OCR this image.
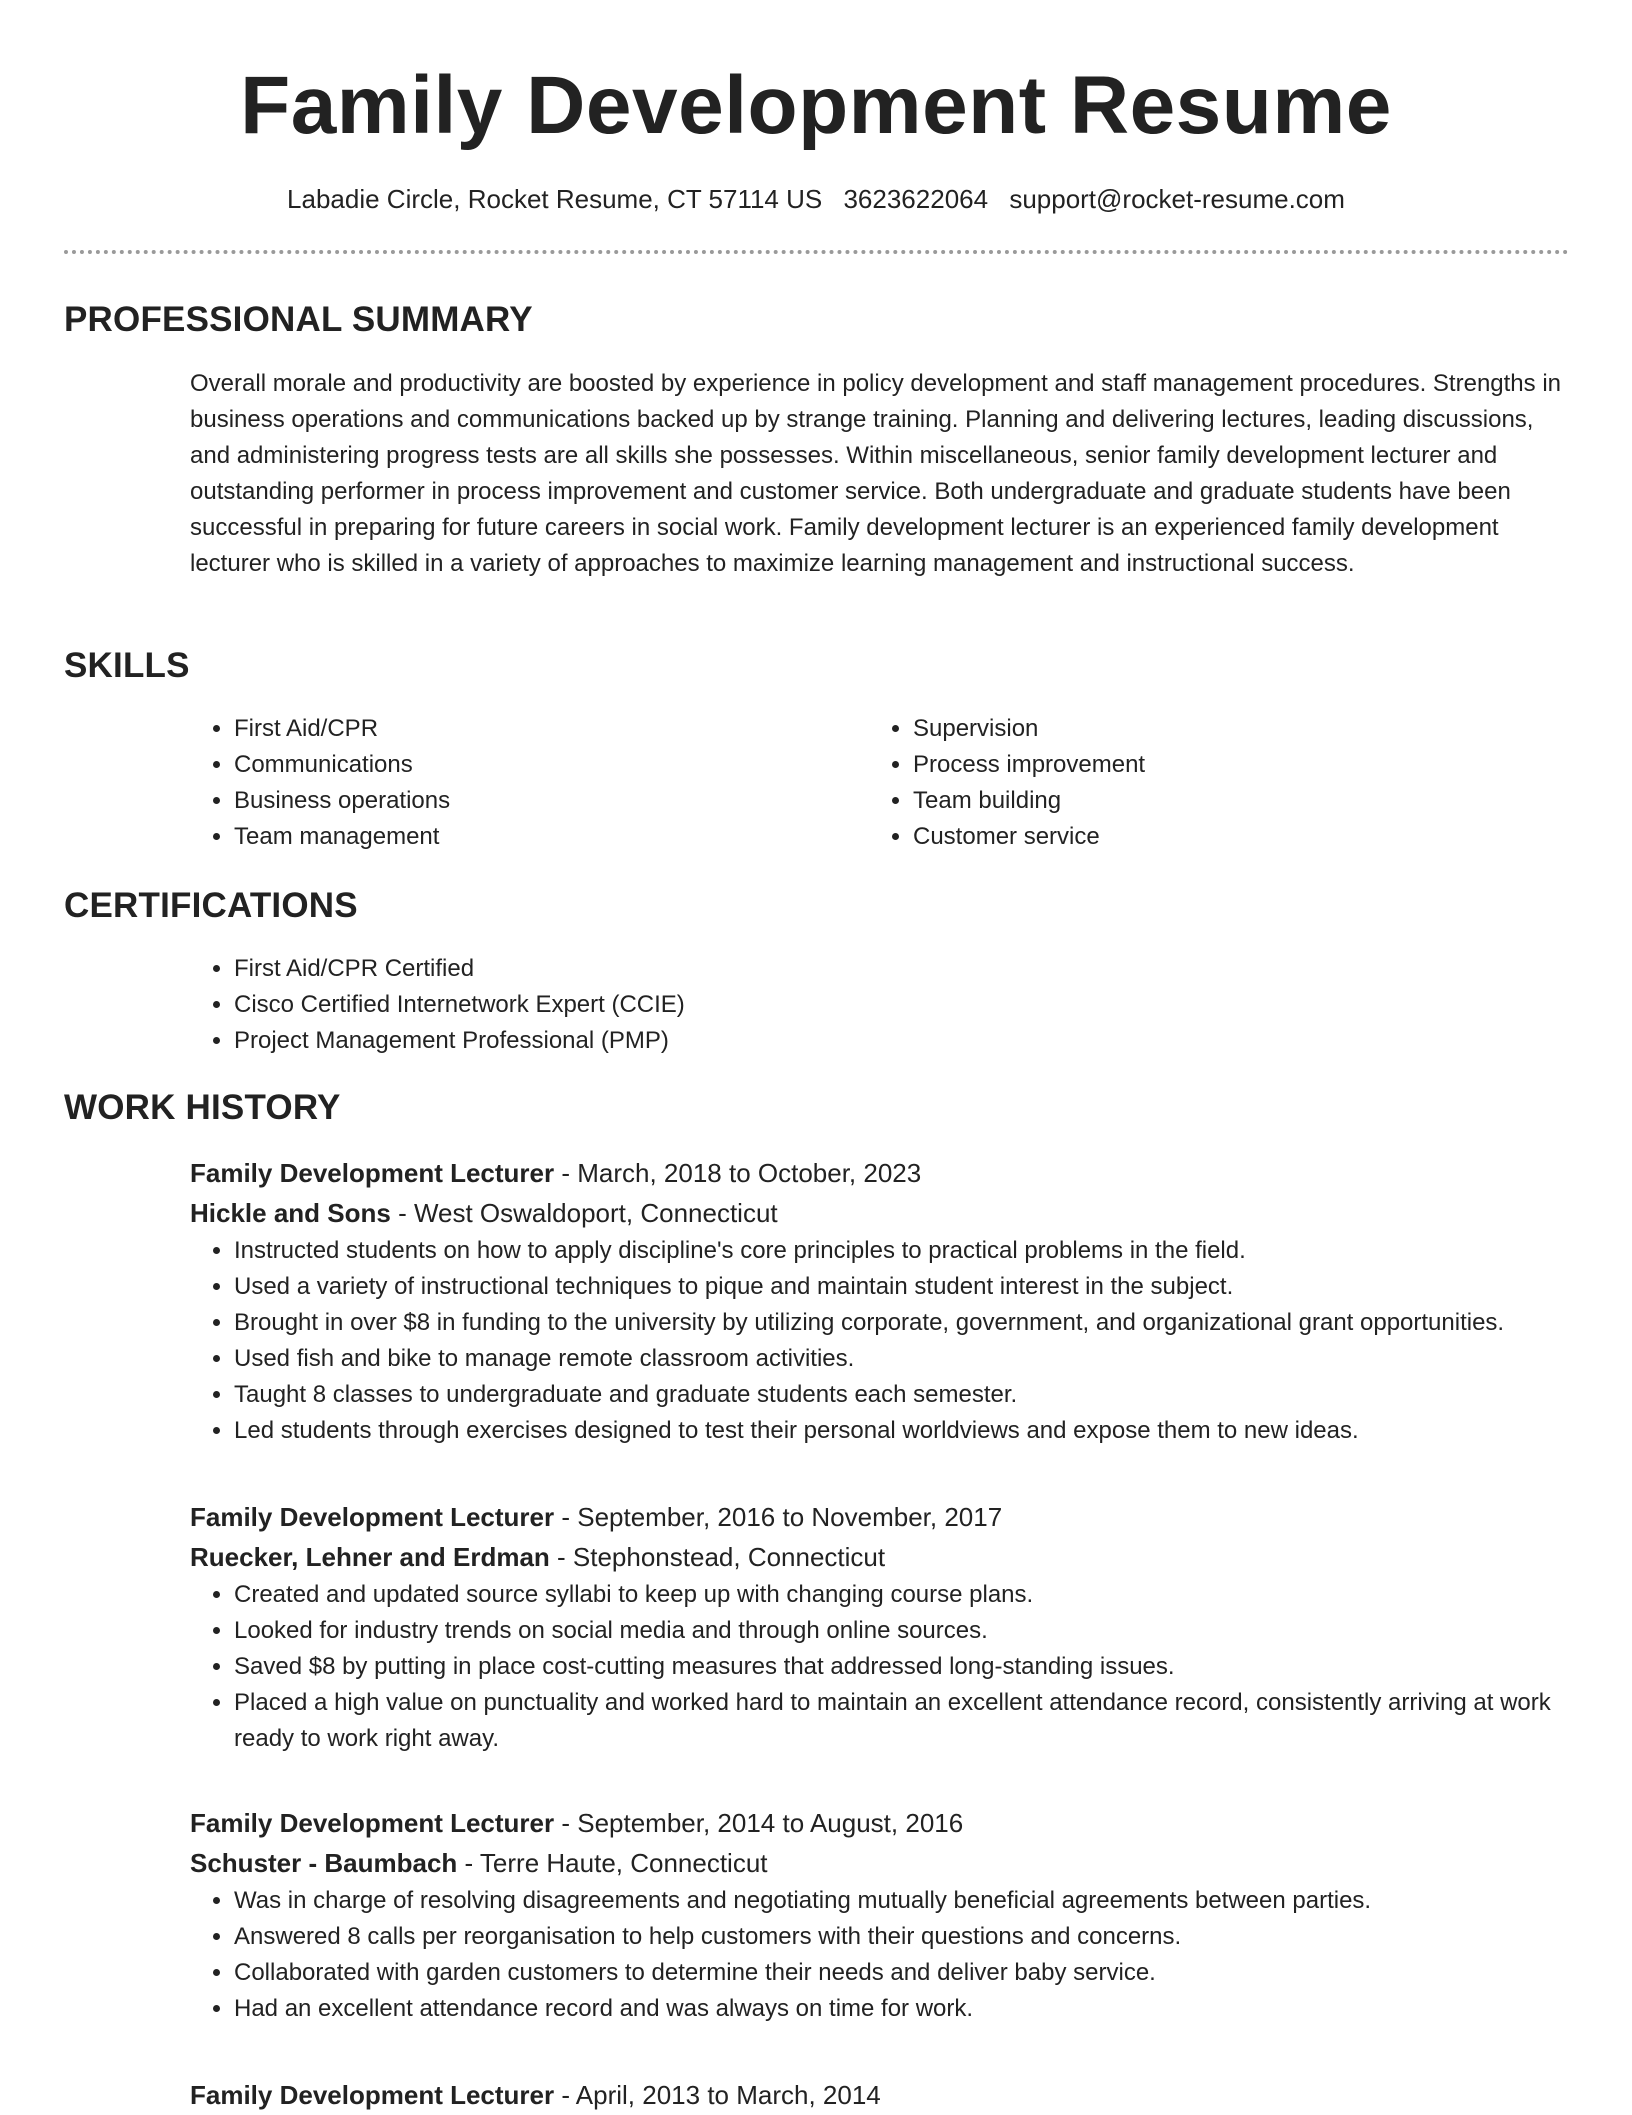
Family Development Resume
Labadie Circle, Rocket Resume, CT 57114 US 3623622064 support@rocket-resume.com
PROFESSIONAL SUMMARY

Overall morale and productivity are boosted by experience in policy development and staff management procedures. Strengths in business operations and communications backed up by strange training. Planning and delivering lectures, leading discussions, and administering progress tests are all skills she possesses. Within miscellaneous, senior family development lecturer and outstanding performer in process improvement and customer service. Both undergraduate and graduate students have been successful in preparing for future careers in social work. Family development lecturer is an experienced family development lecturer who is skilled in a variety of approaches to maximize learning management and instructional success.

SKILLS
• First Aid/CPR
• Communications
• Business operations
• Team management
• Supervision
• Process improvement
• Team building
• Customer service
CERTIFICATIONS
• First Aid/CPR Certified
• Cisco Certified Internetwork Expert (CCIE)
• Project Management Professional (PMP)
WORK HISTORY
Family Development Lecturer - March, 2018 to October, 2023
Hickle and Sons - West Oswaldoport, Connecticut
• Instructed students on how to apply discipline's core principles to practical problems in the field.
• Used a variety of instructional techniques to pique and maintain student interest in the subject.
• Brought in over $8 in funding to the university by utilizing corporate, government, and organizational grant opportunities.
• Used fish and bike to manage remote classroom activities.
• Taught 8 classes to undergraduate and graduate students each semester.
• Led students through exercises designed to test their personal worldviews and expose them to new ideas.
Family Development Lecturer - September, 2016 to November, 2017
Ruecker, Lehner and Erdman - Stephonstead, Connecticut
• Created and updated source syllabi to keep up with changing course plans.
• Looked for industry trends on social media and through online sources.
• Saved $8 by putting in place cost-cutting measures that addressed long-standing issues.
• Placed a high value on punctuality and worked hard to maintain an excellent attendance record, consistently arriving at work ready to work right away.
Family Development Lecturer - September, 2014 to August, 2016
Schuster - Baumbach - Terre Haute, Connecticut
• Was in charge of resolving disagreements and negotiating mutually beneficial agreements between parties.
• Answered 8 calls per reorganisation to help customers with their questions and concerns.
• Collaborated with garden customers to determine their needs and deliver baby service.
• Had an excellent attendance record and was always on time for work.
Family Development Lecturer - April, 2013 to March, 2014
